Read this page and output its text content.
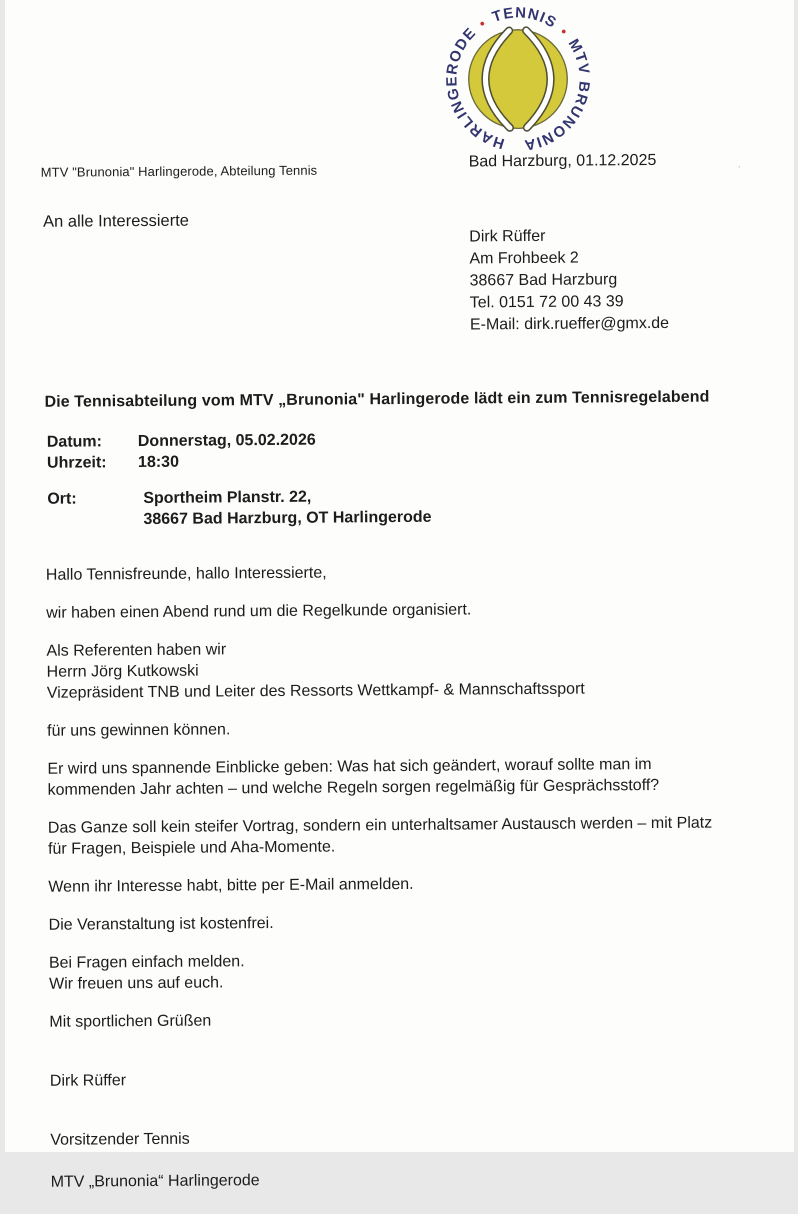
HARLINGERODE•TENNIS • MTV BRUNONIA
MTV "Brunonia" Harlingerode, Abteilung Tennis
Bad Harzburg, 01.12.2025
An alle Interessierte
Dirk Rüffer
Am Frohbeek 2
38667 Bad Harzburg
Tel. 0151 72 00 43 39
E-Mail: dirk.rueffer@gmx.de
Die Tennisabteilung vom MTV „Brunonia" Harlingerode lädt ein zum Tennisregelabend
Datum:	Donnerstag, 05.02.2026
Uhrzeit:	18:30
Ort:	Sportheim Planstr. 22,
38667 Bad Harzburg, OT Harlingerode

Hallo Tennisfreunde, hallo Interessierte,

wir haben einen Abend rund um die Regelkunde organisiert.

Als Referenten haben wir
Herrn Jörg Kutkowski
Vizepräsident TNB und Leiter des Ressorts Wettkampf- & Mannschaftssport

für uns gewinnen können.

Er wird uns spannende Einblicke geben: Was hat sich geändert, worauf sollte man im
kommenden Jahr achten – und welche Regeln sorgen regelmäßig für Gesprächsstoff?

Das Ganze soll kein steifer Vortrag, sondern ein unterhaltsamer Austausch werden – mit Platz
für Fragen, Beispiele und Aha-Momente.

Wenn ihr Interesse habt, bitte per E-Mail anmelden.

Die Veranstaltung ist kostenfrei.

Bei Fragen einfach melden.
Wir freuen uns auf euch.

Mit sportlichen Grüßen

Dirk Rüffer

Vorsitzender Tennis

MTV „Brunonia“ Harlingerode

·
